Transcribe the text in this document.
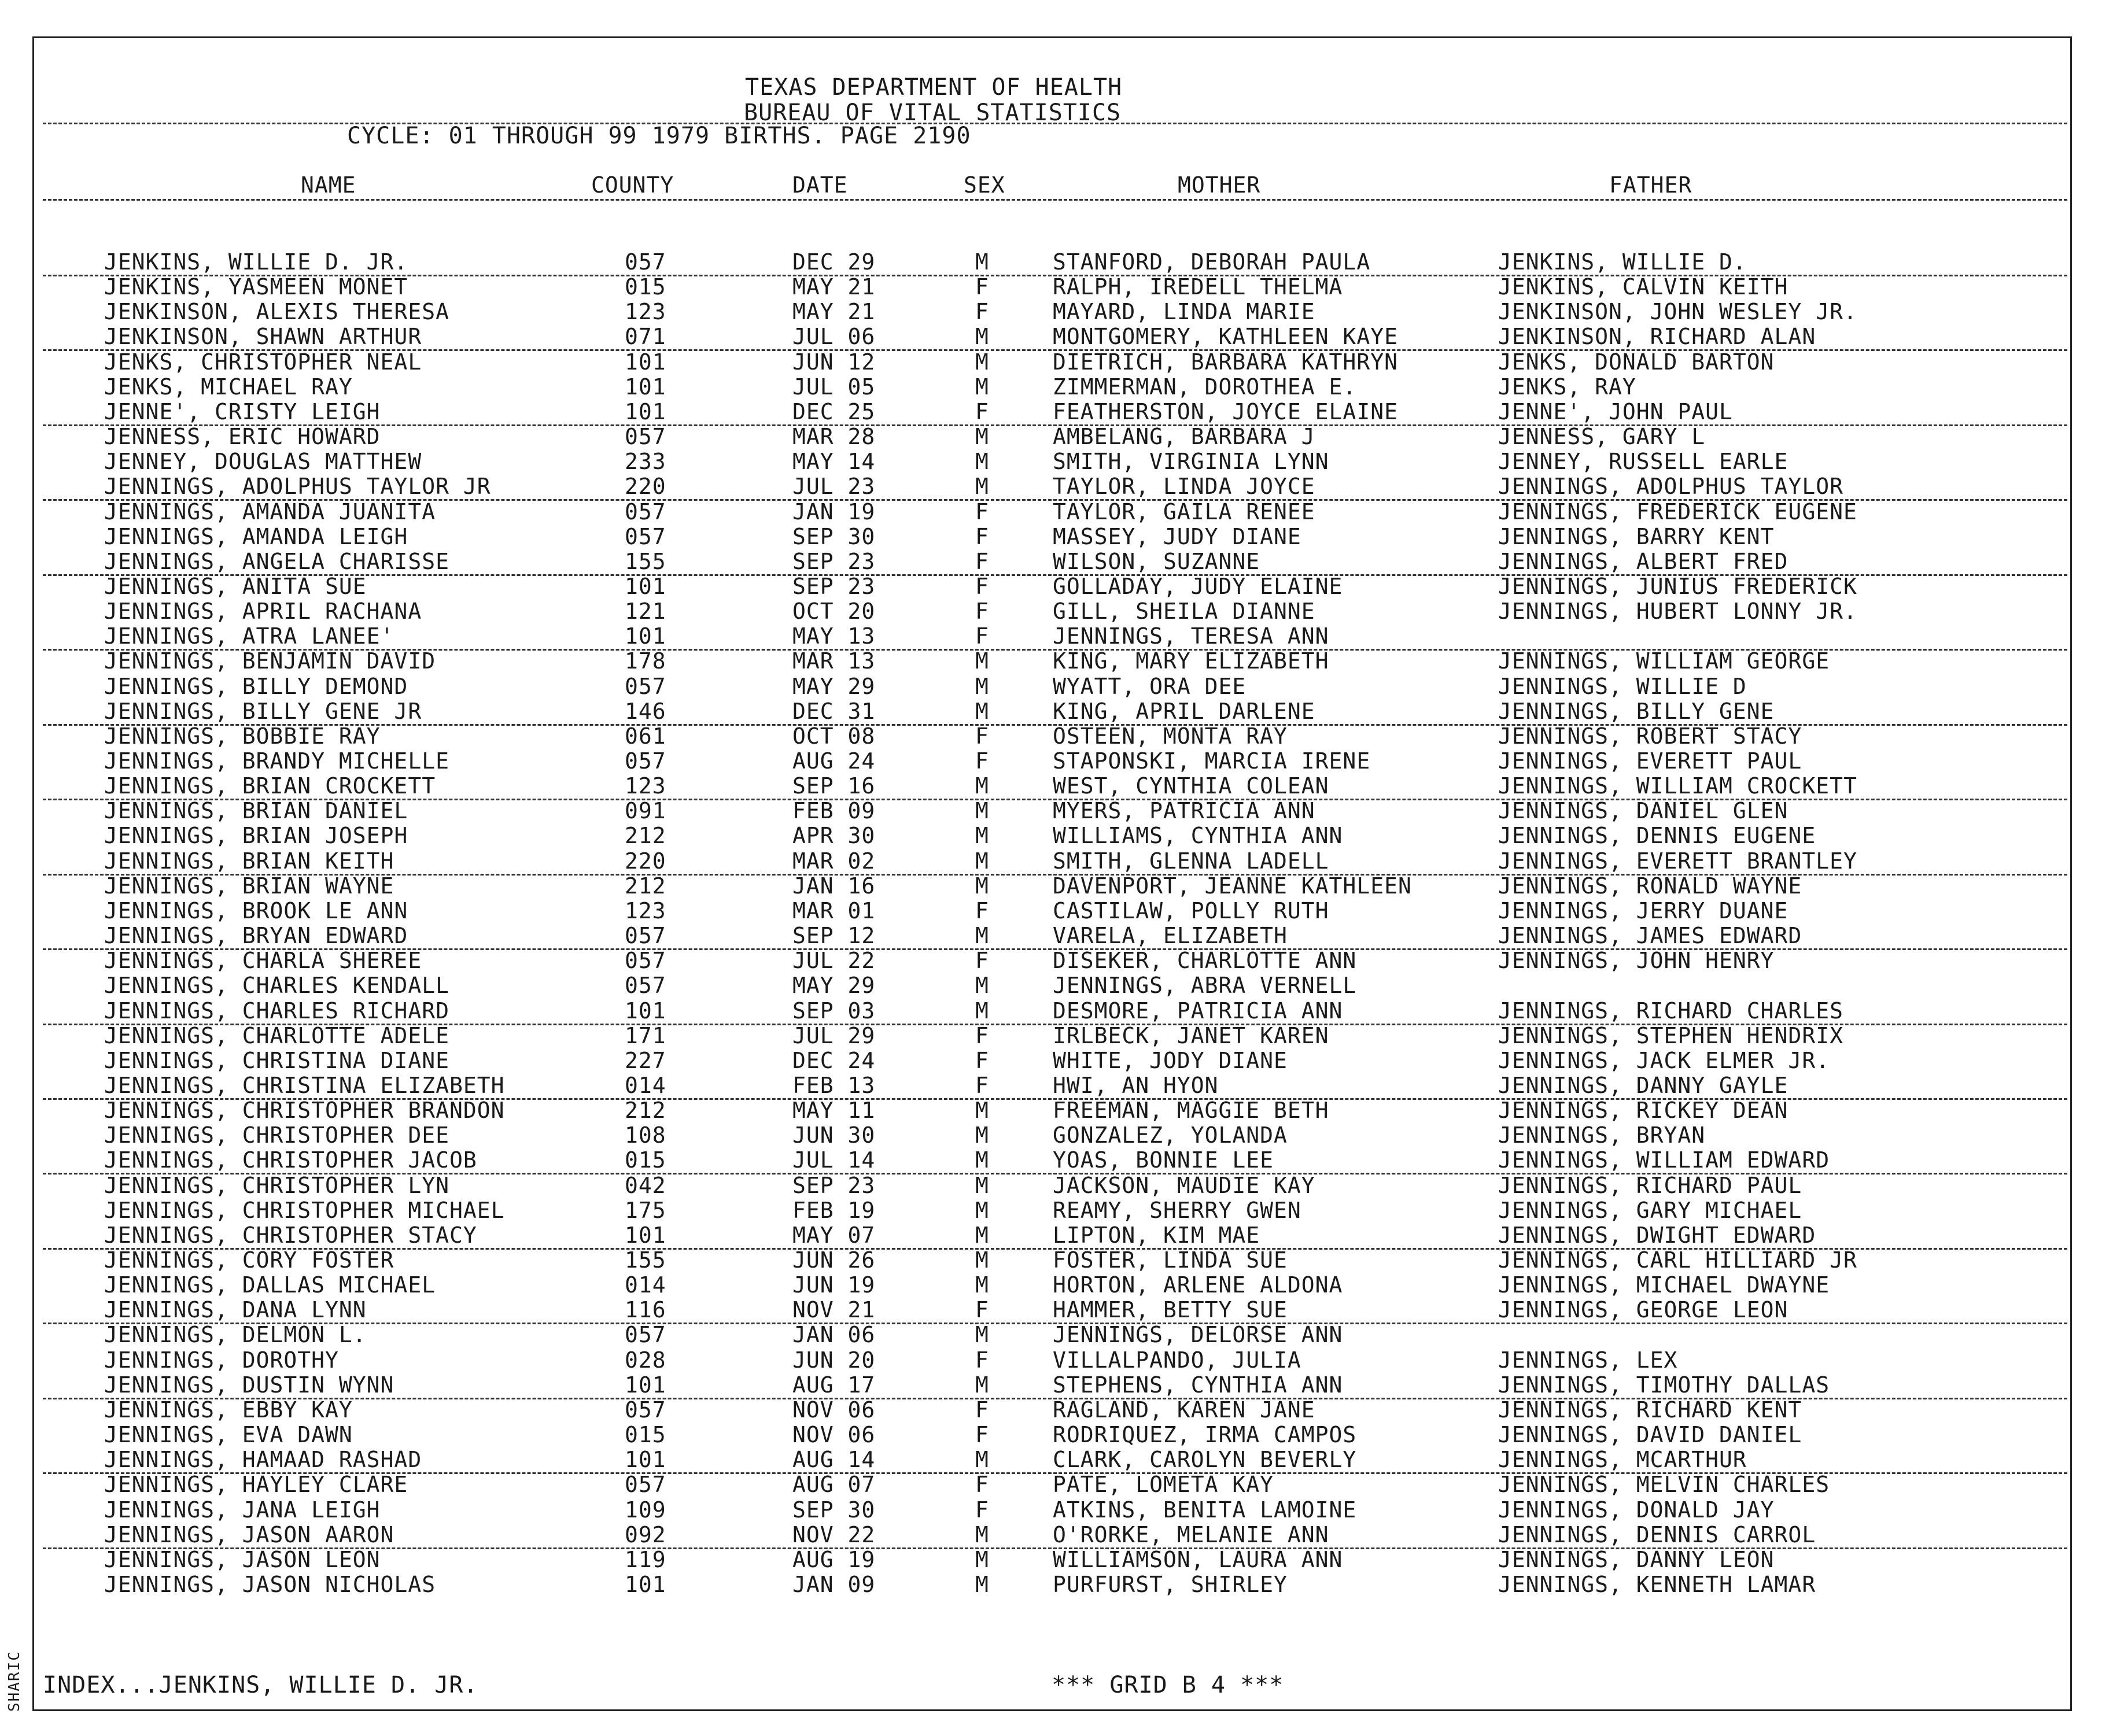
SHARIC
TEXAS DEPARTMENT OF HEALTH
BUREAU OF VITAL STATISTICS
CYCLE: 01 THROUGH 99 1979 BIRTHS. PAGE 2190
NAME	COUNTY	DATE	SEX	MOTHER	FATHER
JENKINS, WILLIE D. JR.	057	DEC 29	M	STANFORD, DEBORAH PAULA	JENKINS, WILLIE D.
JENKINS, YASMEEN MONET	015	MAY 21	F	RALPH, IREDELL THELMA	JENKINS, CALVIN KEITH
JENKINSON, ALEXIS THERESA	123	MAY 21	F	MAYARD, LINDA MARIE	JENKINSON, JOHN WESLEY JR.
JENKINSON, SHAWN ARTHUR	071	JUL 06	M	MONTGOMERY, KATHLEEN KAYE	JENKINSON, RICHARD ALAN
JENKS, CHRISTOPHER NEAL	101	JUN 12	M	DIETRICH, BARBARA KATHRYN	JENKS, DONALD BARTON
JENKS, MICHAEL RAY	101	JUL 05	M	ZIMMERMAN, DOROTHEA E.	JENKS, RAY
JENNE', CRISTY LEIGH	101	DEC 25	F	FEATHERSTON, JOYCE ELAINE	JENNE', JOHN PAUL
JENNESS, ERIC HOWARD	057	MAR 28	M	AMBELANG, BARBARA J	JENNESS, GARY L
JENNEY, DOUGLAS MATTHEW	233	MAY 14	M	SMITH, VIRGINIA LYNN	JENNEY, RUSSELL EARLE
JENNINGS, ADOLPHUS TAYLOR JR	220	JUL 23	M	TAYLOR, LINDA JOYCE	JENNINGS, ADOLPHUS TAYLOR
JENNINGS, AMANDA JUANITA	057	JAN 19	F	TAYLOR, GAILA RENEE	JENNINGS, FREDERICK EUGENE
JENNINGS, AMANDA LEIGH	057	SEP 30	F	MASSEY, JUDY DIANE	JENNINGS, BARRY KENT
JENNINGS, ANGELA CHARISSE	155	SEP 23	F	WILSON, SUZANNE	JENNINGS, ALBERT FRED
JENNINGS, ANITA SUE	101	SEP 23	F	GOLLADAY, JUDY ELAINE	JENNINGS, JUNIUS FREDERICK
JENNINGS, APRIL RACHANA	121	OCT 20	F	GILL, SHEILA DIANNE	JENNINGS, HUBERT LONNY JR.
JENNINGS, ATRA LANEE'	101	MAY 13	F	JENNINGS, TERESA ANN
JENNINGS, BENJAMIN DAVID	178	MAR 13	M	KING, MARY ELIZABETH	JENNINGS, WILLIAM GEORGE
JENNINGS, BILLY DEMOND	057	MAY 29	M	WYATT, ORA DEE	JENNINGS, WILLIE D
JENNINGS, BILLY GENE JR	146	DEC 31	M	KING, APRIL DARLENE	JENNINGS, BILLY GENE
JENNINGS, BOBBIE RAY	061	OCT 08	F	OSTEEN, MONTA RAY	JENNINGS, ROBERT STACY
JENNINGS, BRANDY MICHELLE	057	AUG 24	F	STAPONSKI, MARCIA IRENE	JENNINGS, EVERETT PAUL
JENNINGS, BRIAN CROCKETT	123	SEP 16	M	WEST, CYNTHIA COLEAN	JENNINGS, WILLIAM CROCKETT
JENNINGS, BRIAN DANIEL	091	FEB 09	M	MYERS, PATRICIA ANN	JENNINGS, DANIEL GLEN
JENNINGS, BRIAN JOSEPH	212	APR 30	M	WILLIAMS, CYNTHIA ANN	JENNINGS, DENNIS EUGENE
JENNINGS, BRIAN KEITH	220	MAR 02	M	SMITH, GLENNA LADELL	JENNINGS, EVERETT BRANTLEY
JENNINGS, BRIAN WAYNE	212	JAN 16	M	DAVENPORT, JEANNE KATHLEEN	JENNINGS, RONALD WAYNE
JENNINGS, BROOK LE ANN	123	MAR 01	F	CASTILAW, POLLY RUTH	JENNINGS, JERRY DUANE
JENNINGS, BRYAN EDWARD	057	SEP 12	M	VARELA, ELIZABETH	JENNINGS, JAMES EDWARD
JENNINGS, CHARLA SHEREE	057	JUL 22	F	DISEKER, CHARLOTTE ANN	JENNINGS, JOHN HENRY
JENNINGS, CHARLES KENDALL	057	MAY 29	M	JENNINGS, ABRA VERNELL
JENNINGS, CHARLES RICHARD	101	SEP 03	M	DESMORE, PATRICIA ANN	JENNINGS, RICHARD CHARLES
JENNINGS, CHARLOTTE ADELE	171	JUL 29	F	IRLBECK, JANET KAREN	JENNINGS, STEPHEN HENDRIX
JENNINGS, CHRISTINA DIANE	227	DEC 24	F	WHITE, JODY DIANE	JENNINGS, JACK ELMER JR.
JENNINGS, CHRISTINA ELIZABETH	014	FEB 13	F	HWI, AN HYON	JENNINGS, DANNY GAYLE
JENNINGS, CHRISTOPHER BRANDON	212	MAY 11	M	FREEMAN, MAGGIE BETH	JENNINGS, RICKEY DEAN
JENNINGS, CHRISTOPHER DEE	108	JUN 30	M	GONZALEZ, YOLANDA	JENNINGS, BRYAN
JENNINGS, CHRISTOPHER JACOB	015	JUL 14	M	YOAS, BONNIE LEE	JENNINGS, WILLIAM EDWARD
JENNINGS, CHRISTOPHER LYN	042	SEP 23	M	JACKSON, MAUDIE KAY	JENNINGS, RICHARD PAUL
JENNINGS, CHRISTOPHER MICHAEL	175	FEB 19	M	REAMY, SHERRY GWEN	JENNINGS, GARY MICHAEL
JENNINGS, CHRISTOPHER STACY	101	MAY 07	M	LIPTON, KIM MAE	JENNINGS, DWIGHT EDWARD
JENNINGS, CORY FOSTER	155	JUN 26	M	FOSTER, LINDA SUE	JENNINGS, CARL HILLIARD JR
JENNINGS, DALLAS MICHAEL	014	JUN 19	M	HORTON, ARLENE ALDONA	JENNINGS, MICHAEL DWAYNE
JENNINGS, DANA LYNN	116	NOV 21	F	HAMMER, BETTY SUE	JENNINGS, GEORGE LEON
JENNINGS, DELMON L.	057	JAN 06	M	JENNINGS, DELORSE ANN
JENNINGS, DOROTHY	028	JUN 20	F	VILLALPANDO, JULIA	JENNINGS, LEX
JENNINGS, DUSTIN WYNN	101	AUG 17	M	STEPHENS, CYNTHIA ANN	JENNINGS, TIMOTHY DALLAS
JENNINGS, EBBY KAY	057	NOV 06	F	RAGLAND, KAREN JANE	JENNINGS, RICHARD KENT
JENNINGS, EVA DAWN	015	NOV 06	F	RODRIQUEZ, IRMA CAMPOS	JENNINGS, DAVID DANIEL
JENNINGS, HAMAAD RASHAD	101	AUG 14	M	CLARK, CAROLYN BEVERLY	JENNINGS, MCARTHUR
JENNINGS, HAYLEY CLARE	057	AUG 07	F	PATE, LOMETA KAY	JENNINGS, MELVIN CHARLES
JENNINGS, JANA LEIGH	109	SEP 30	F	ATKINS, BENITA LAMOINE	JENNINGS, DONALD JAY
JENNINGS, JASON AARON	092	NOV 22	M	O'RORKE, MELANIE ANN	JENNINGS, DENNIS CARROL
JENNINGS, JASON LEON	119	AUG 19	M	WILLIAMSON, LAURA ANN	JENNINGS, DANNY LEON
JENNINGS, JASON NICHOLAS	101	JAN 09	M	PURFURST, SHIRLEY	JENNINGS, KENNETH LAMAR
INDEX...JENKINS, WILLIE D. JR.	*** GRID B 4 ***
